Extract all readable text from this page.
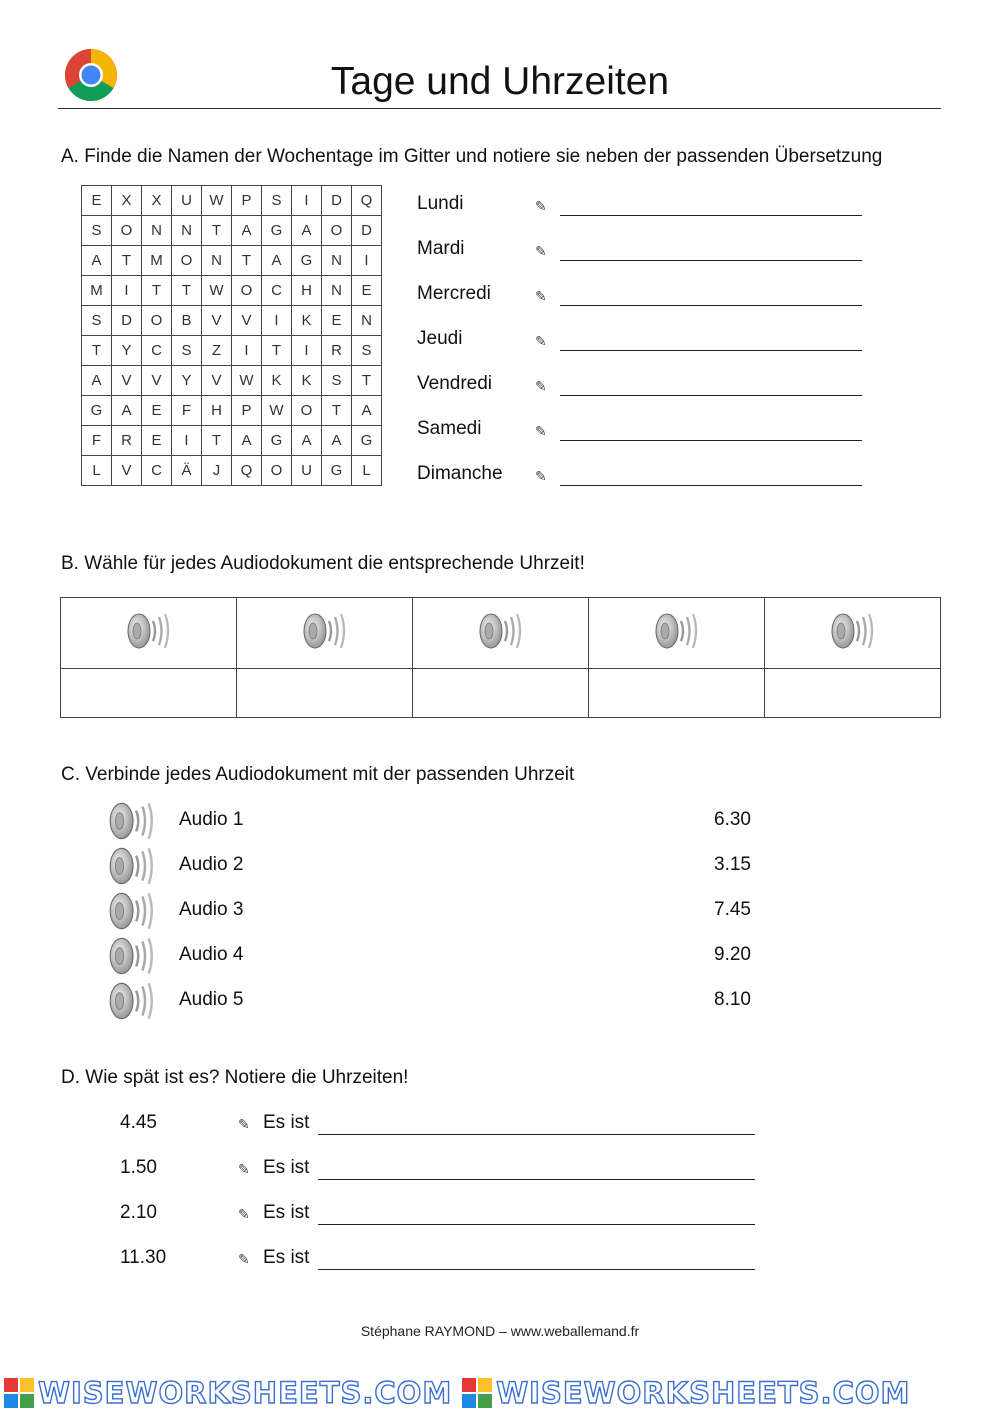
Tage und Uhrzeiten
A. Finde die Namen der Wochentage im Gitter und notiere sie neben der passenden Übersetzung
E	X	X	U	W	P	S	I	D	Q
S	O	N	N	T	A	G	A	O	D
A	T	M	O	N	T	A	G	N	I
M	I	T	T	W	O	C	H	N	E
S	D	O	B	V	V	I	K	E	N
T	Y	C	S	Z	I	T	I	R	S
A	V	V	Y	V	W	K	K	S	T
G	A	E	F	H	P	W	O	T	A
F	R	E	I	T	A	G	A	A	G
L	V	C	Ä	J	Q	O	U	G	L
Lundi	✎
Mardi	✎
Mercredi	✎
Jeudi	✎
Vendredi	✎
Samedi	✎
Dimanche ✎
B. Wähle für jedes Audiodokument die entsprechende Uhrzeit!

C. Verbinde jedes Audiodokument mit der passenden Uhrzeit
Audio 1	6.30
Audio 2	3.15
Audio 3	7.45
Audio 4	9.20
Audio 5	8.10
D. Wie spät ist es? Notiere die Uhrzeiten!
4.45	✎ Es ist
1.50	✎ Es ist
2.10	✎ Es ist
11.30	✎ Es ist
Stéphane RAYMOND – www.weballemand.fr
WISEWORKSHEETS.COM WISEWORKSHEETS.COM
